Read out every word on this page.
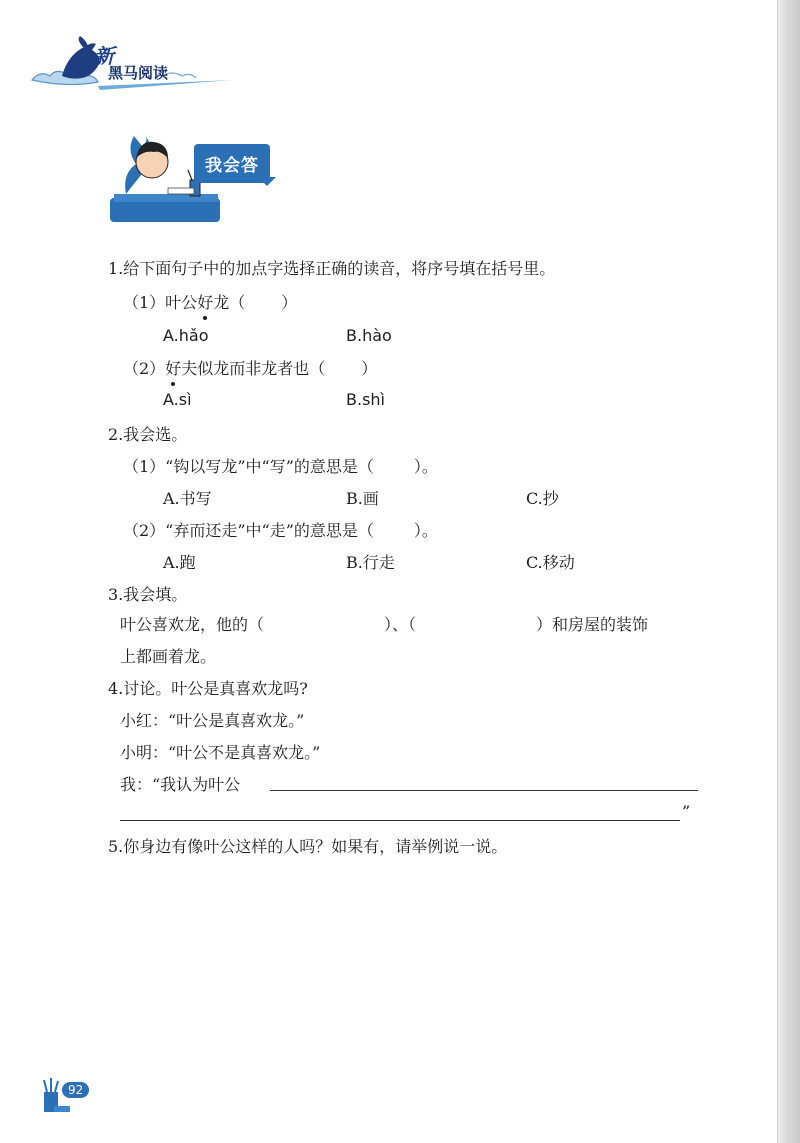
新
黑马阅读
我会答
1.给下面句子中的加点字选择正确的读音，将序号填在括号里。
（1）叶公好龙（ ）
A.hǎo	B.hào
（2）好夫似龙而非龙者也（ ）
A.sì	B.shì
2.我会选。
（1）“钩以写龙”中“写”的意思是（	）。
A.书写	B.画	C.抄
（2）“弃而还走”中“走”的意思是（	）。
A.跑	B.行走	C.移动
3.我会填。
叶公喜欢龙，他的（	）、（	）和房屋的装饰
上都画着龙。
4.讨论。叶公是真喜欢龙吗?
小红：“叶公是真喜欢龙。”
小明：“叶公不是真喜欢龙。”
我：“我认为叶公
”
5.你身边有像叶公这样的人吗？如果有，请举例说一说。
92
